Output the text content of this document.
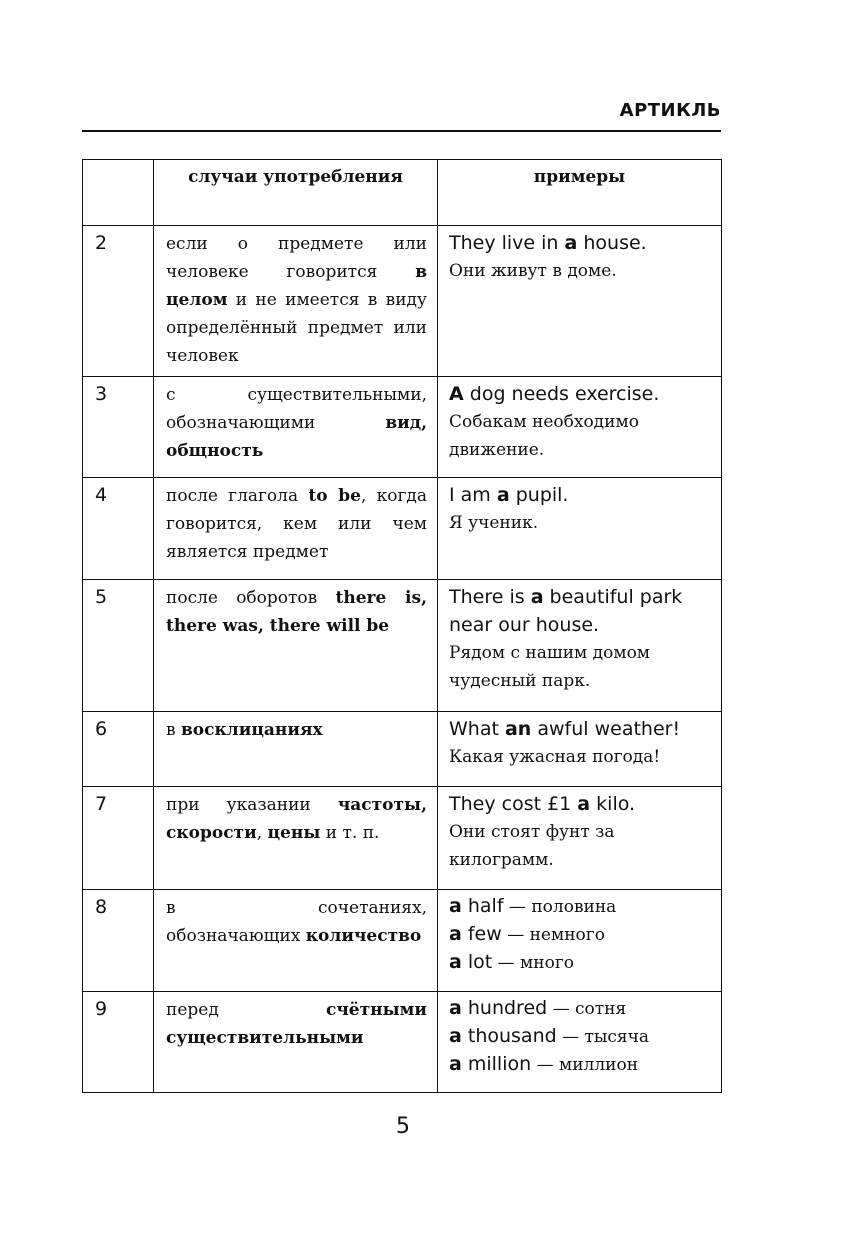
АРТИКЛЬ
	случаи употребления	примеры
2	если о предмете или человеке говорится в целом и не имеется в виду определённый предмет или человек	They live in a house.
Они живут в доме.

3	с существительными, обозначающими вид, общность	A dog needs exercise.
Собакам необходимо движение.

4	после глагола to be, когда говорится, кем или чем является предмет	I am a pupil.
Я ученик.

5	после оборотов there is, there was, there will be	There is a beautiful park near our house.
Рядом с нашим домом чудесный парк.

6	в восклицаниях	What an awful weather!
Какая ужасная погода!

7	при указании частоты, скорости, цены и т. п.	They cost £1 a kilo.
Они стоят фунт за килограмм.

8	в сочетаниях, обозначающих количество	a half — половина
a few — немного
a lot — много

9	перед счётными существительными	a hundred — сотня
a thousand — тысяча
a million — миллион
5
